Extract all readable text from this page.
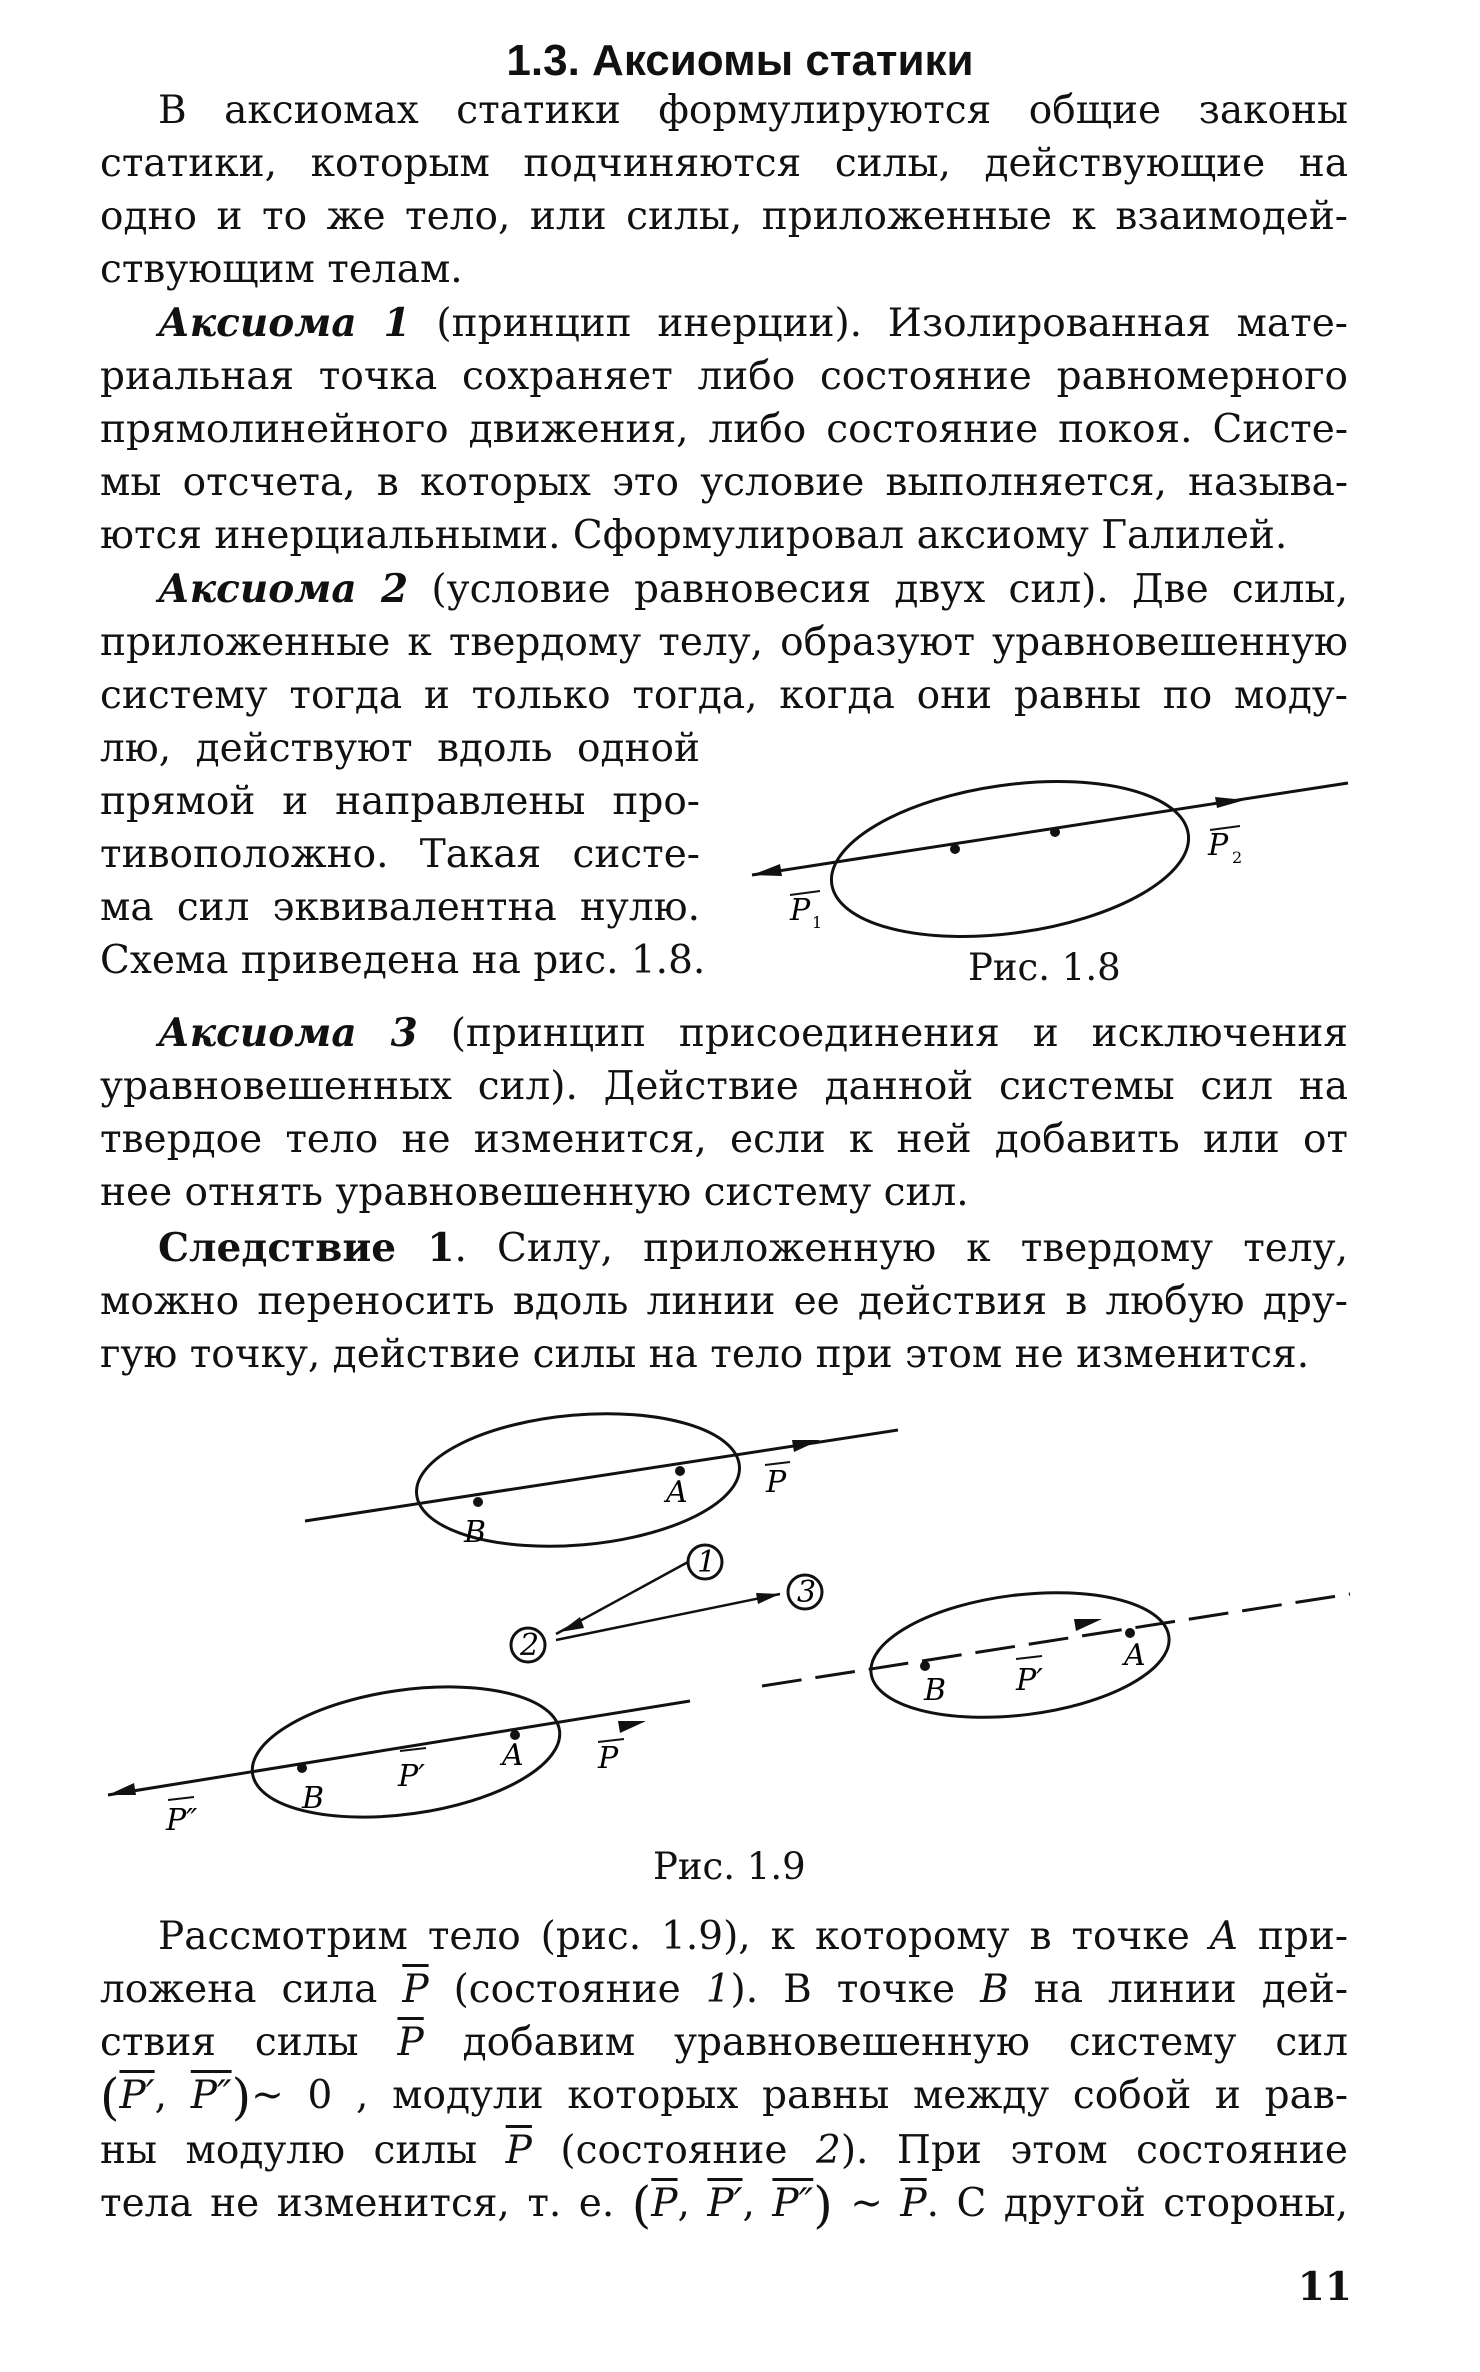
1.3. Аксиомы статики
В аксиомах статики формулируются общие законы
статики, которым подчиняются силы, действующие на
одно и то же тело, или силы, приложенные к взаимодей-
ствующим телам.
Аксиома 1 (принцип инерции). Изолированная мате-
риальная точка сохраняет либо состояние равномерного
прямолинейного движения, либо состояние покоя. Систе-
мы отсчета, в которых это условие выполняется, называ-
ются инерциальными. Сформулировал аксиому Галилей.
Аксиома 2 (условие равновесия двух сил). Две силы,
приложенные к твердому телу, образуют уравновешенную
систему тогда и только тогда, когда они равны по моду-
лю, действуют вдоль одной
прямой и направлены про-
тивоположно. Такая систе-
ма сил эквивалентна нулю.
Схема приведена на рис. 1.8.
P 1
P 2
Рис. 1.8
Аксиома 3 (принцип присоединения и исключения
уравновешенных сил). Действие данной системы сил на
твердое тело не изменится, если к ней добавить или от
нее отнять уравновешенную систему сил.
Следствие 1. Силу, приложенную к твердому телу,
можно переносить вдоль линии ее действия в любую дру-
гую точку, действие силы на тело при этом не изменится.
B
A	P
B
P′
A P
P″
B P′
A
1
2
3
Рис. 1.9
Рассмотрим тело (рис. 1.9), к которому в точке A при-
ложена сила $\overline{P}$ (состояние 1). В точке B на линии дей-
ствия силы $\overline{P}$ добавим уравновешенную систему сил
(P′, P″)~ 0 , модули которых равны между собой и рав-
ны модулю силы $\overline{P}$ (состояние 2). При этом состояние
тела не изменится, т. е. ($\overline{P}$, P′, P″) ~ $\overline{P}$. С другой стороны,
11
